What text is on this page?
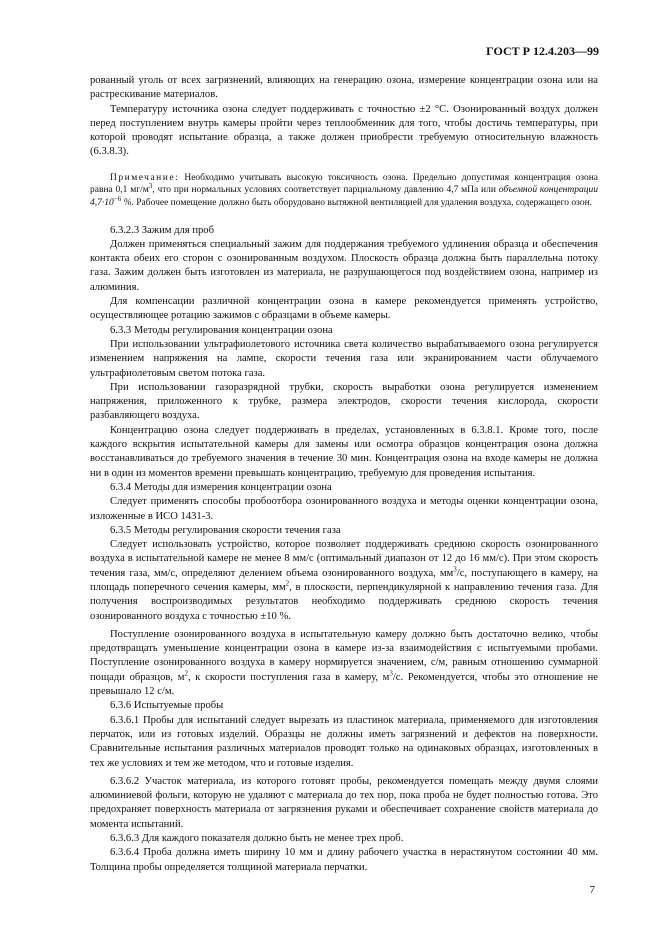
ГОСТ Р 12.4.203—99

рованный уголь от всех загрязнений, влияющих на генерацию озона, измерение концентрации озона или на растрескивание материалов.

Температуру источника озона следует поддерживать с точностью ±2 °С. Озонированный воздух должен перед поступлением внутрь камеры пройти через теплообменник для того, чтобы достичь температуры, при которой проводят испытание образца, а также должен приобрести требуемую относительную влажность (6.3.8.3).

Примечание: Необходимо учитывать высокую токсичность озона. Предельно допустимая концентрация озона равна 0,1 $мг/м^3$, что при нормальных условиях соответствует парциальному давлению 4,7 мПа или объемной концентрации $4,7\cdot 10^{-6}$ %. Рабочее помещение должно быть оборудовано вытяжной вентиляцией для удаления воздуха, содержащего озон.

6.3.2.3 Зажим для проб

Должен применяться специальный зажим для поддержания требуемого удлинения образца и обеспечения контакта обеих его сторон с озонированным воздухом. Плоскость образца должна быть параллельна потоку газа. Зажим должен быть изготовлен из материала, не разрушающегося под воздействием озона, например из алюминия.

Для компенсации различной концентрации озона в камере рекомендуется применять устройство, осуществляющее ротацию зажимов с образцами в объеме камеры.

6.3.3 Методы регулирования концентрации озона

При использовании ультрафиолетового источника света количество вырабатываемого озона регулируется изменением напряжения на лампе, скорости течения газа или экранированием части облучаемого ультрафиолетовым светом потока газа.

При использовании газоразрядной трубки, скорость выработки озона регулируется изменением напряжения, приложенного к трубке, размера электродов, скорости течения кислорода, скорости разбавляющего воздуха.

Концентрацию озона следует поддерживать в пределах, установленных в 6.3.8.1. Кроме того, после каждого вскрытия испытательной камеры для замены или осмотра образцов концентрация озона должна восстанавливаться до требуемого значения в течение 30 мин. Концентрация озона на входе камеры не должна ни в один из моментов времени превышать концентрацию, требуемую для проведения испытания.

6.3.4 Методы для измерения концентрации озона

Следует применять способы пробоотбора озонированного воздуха и методы оценки концентрации озона, изложенные в ИСО 1431-3.

6.3.5 Методы регулирования скорости течения газа

Следует использовать устройство, которое позволяет поддерживать среднюю скорость озонированного воздуха в испытательной камере не менее 8 мм/с (оптимальный диапазон от 12 до 16 мм/с). При этом скорость течения газа, мм/с, определяют делением объема озонированного воздуха, $мм^3/с$, поступающего в камеру, на площадь поперечного сечения камеры, $мм^2$, в плоскости, перпендикулярной к направлению течения газа. Для получения воспроизводимых результатов необходимо поддерживать среднюю скорость течения озонированного воздуха с точностью ±10 %.

Поступление озонированного воздуха в испытательную камеру должно быть достаточно велико, чтобы предотвращать уменьшение концентрации озона в камере из-за взаимодействия с испытуемыми пробами. Поступление озонированного воздуха в камеру нормируется значением, с/м, равным отношению суммарной пощади образцов, $м^2$, к скорости поступления газа в камеру, $м^3/с$. Рекомендуется, чтобы это отношение не превышало 12 с/м.

6.3.6 Испытуемые пробы

6.3.6.1 Пробы для испытаний следует вырезать из пластинок материала, применяемого для изготовления перчаток, или из готовых изделий. Образцы не должны иметь загрязнений и дефектов на поверхности. Сравнительные испытания различных материалов проводят только на одинаковых образцах, изготовленных в тех же условиях и тем же методом, что и готовые изделия.

6.3.6.2 Участок материала, из которого готовят пробы, рекомендуется помещать между двумя слоями алюминиевой фольги, которую не удаляют с материала до тех пор, пока проба не будет полностью готова. Это предохраняет поверхность материала от загрязнения руками и обеспечивает сохранение свойств материала до момента испытаний.

6.3.6.3 Для каждого показателя должно быть не менее трех проб.

6.3.6.4 Проба должна иметь ширину 10 мм и длину рабочего участка в нерастянутом состоянии 40 мм. Толщина пробы определяется толщиной материала перчатки.

7
